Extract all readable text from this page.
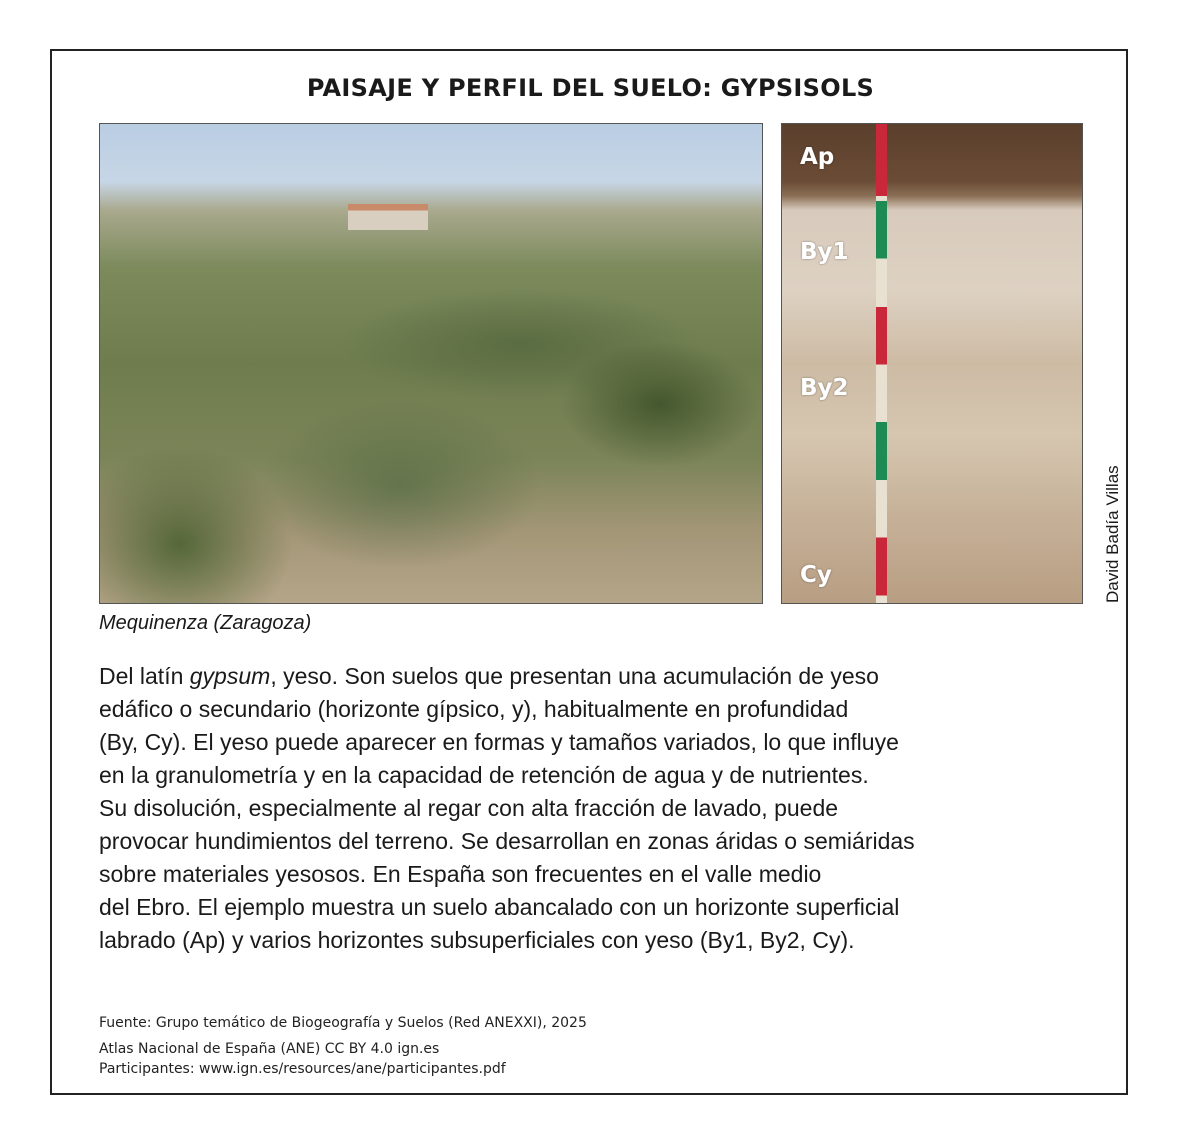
PAISAJE Y PERFIL DEL SUELO: GYPSISOLS
Ap
By1
By2
Cy	David Badía Villas
Mequinenza (Zaragoza)
Del latín gypsum, yeso. Son suelos que presentan una acumulación de yeso
edáfico o secundario (horizonte gípsico, y), habitualmente en profundidad
(By, Cy). El yeso puede aparecer en formas y tamaños variados, lo que influye
en la granulometría y en la capacidad de retención de agua y de nutrientes.
Su disolución, especialmente al regar con alta fracción de lavado, puede
provocar hundimientos del terreno. Se desarrollan en zonas áridas o semiáridas
sobre materiales yesosos. En España son frecuentes en el valle medio
del Ebro. El ejemplo muestra un suelo abancalado con un horizonte superficial
labrado (Ap) y varios horizontes subsuperficiales con yeso (By1, By2, Cy).
Fuente: Grupo temático de Biogeografía y Suelos (Red ANEXXI), 2025
Atlas Nacional de España (ANE) CC BY 4.0 ign.es
Participantes: www.ign.es/resources/ane/participantes.pdf
